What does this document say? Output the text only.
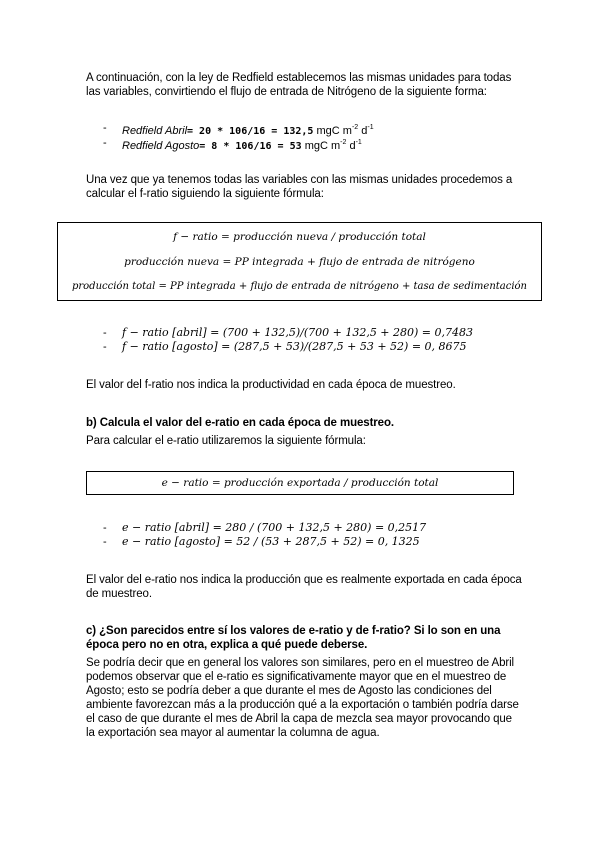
A continuación, con la ley de Redfield establecemos las mismas unidades para todas
las variables, convirtiendo el flujo de entrada de Nitrógeno de la siguiente forma:
- Redfield Abril= 20 * 106/16 = 132,5 mgC $m^{-2}$ $d^{-1}$
- Redfield Agosto= 8 * 106/16 = 53 mgC $m^{-2}$ $d^{-1}$
Una vez que ya tenemos todas las variables con las mismas unidades procedemos a
calcular el f-ratio siguiendo la siguiente fórmula:
f − ratio = producción nueva / producción total
producción nueva = PP integrada + flujo de entrada de nitrógeno
producción total = PP integrada + flujo de entrada de nitrógeno + tasa de sedimentación
- f − ratio [abril] = (700 + 132,5)/(700 + 132,5 + 280) = 0,7483
- f − ratio [agosto] = (287,5 + 53)/(287,5 + 53 + 52) = 0, 8675
El valor del f-ratio nos indica la productividad en cada época de muestreo.
b) Calcula el valor del e-ratio en cada época de muestreo.
Para calcular el e-ratio utilizaremos la siguiente fórmula:
e − ratio = producción exportada / producción total
- e − ratio [abril] = 280 / (700 + 132,5 + 280) = 0,2517
- e − ratio [agosto] = 52 / (53 + 287,5 + 52) = 0, 1325
El valor del e-ratio nos indica la producción que es realmente exportada en cada época
de muestreo.
c) ¿Son parecidos entre sí los valores de e-ratio y de f-ratio? Si lo son en una
época pero no en otra, explica a qué puede deberse.
Se podría decir que en general los valores son similares, pero en el muestreo de Abril
podemos observar que el e-ratio es significativamente mayor que en el muestreo de
Agosto; esto se podría deber a que durante el mes de Agosto las condiciones del
ambiente favorezcan más a la producción qué a la exportación o también podría darse
el caso de que durante el mes de Abril la capa de mezcla sea mayor provocando que
la exportación sea mayor al aumentar la columna de agua.
